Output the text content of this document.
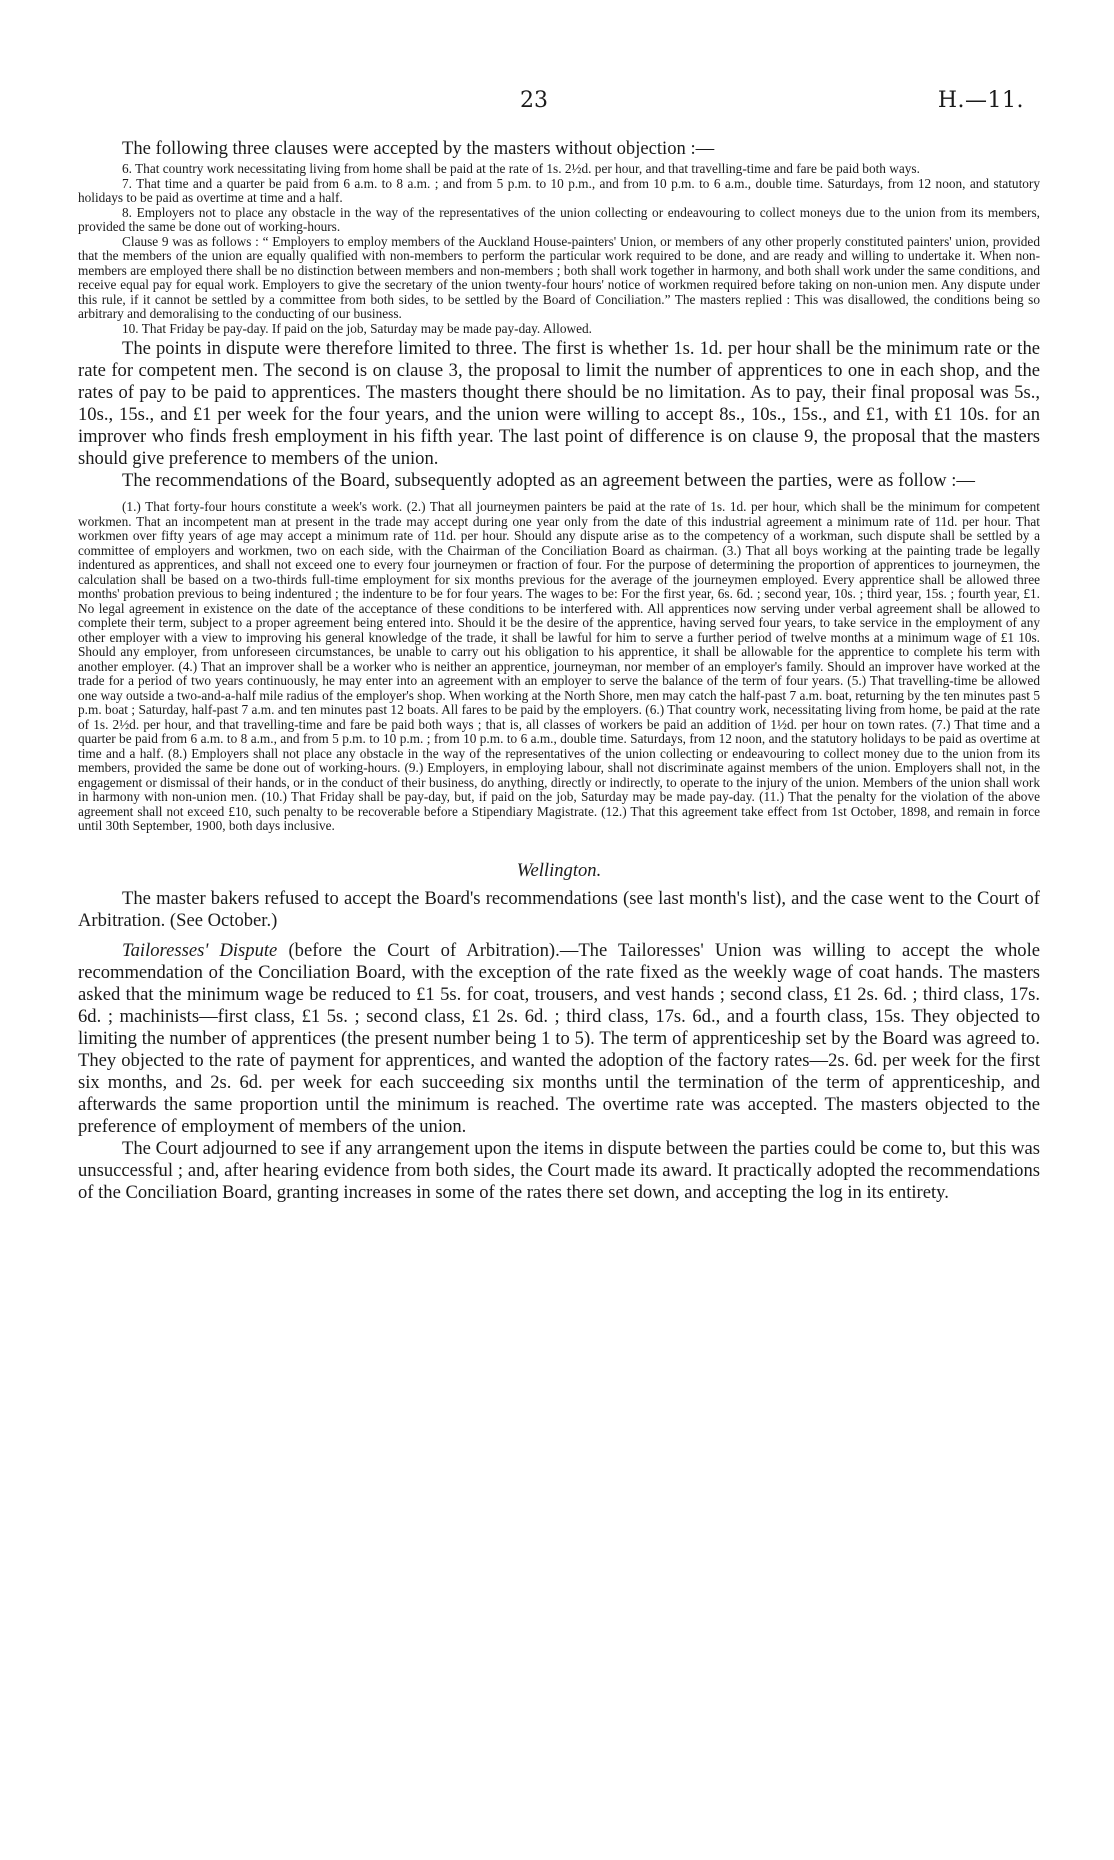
23	H.—11.

The following three clauses were accepted by the masters without objection :—

6. That country work necessitating living from home shall be paid at the rate of 1s. 2½d. per hour, and that travelling-time and fare be paid both ways.

7. That time and a quarter be paid from 6 a.m. to 8 a.m. ; and from 5 p.m. to 10 p.m., and from 10 p.m. to 6 a.m., double time. Saturdays, from 12 noon, and statutory holidays to be paid as overtime at time and a half.

8. Employers not to place any obstacle in the way of the representatives of the union collecting or endeavouring to collect moneys due to the union from its members, provided the same be done out of working-hours.

Clause 9 was as follows : “ Employers to employ members of the Auckland House-painters' Union, or members of any other properly constituted painters' union, provided that the members of the union are equally qualified with non-members to perform the particular work required to be done, and are ready and willing to undertake it. When non-members are employed there shall be no distinction between members and non-members ; both shall work together in harmony, and both shall work under the same conditions, and receive equal pay for equal work. Employers to give the secretary of the union twenty-four hours' notice of workmen required before taking on non-union men. Any dispute under this rule, if it cannot be settled by a committee from both sides, to be settled by the Board of Conciliation.” The masters replied : This was disallowed, the conditions being so arbitrary and demoralising to the conducting of our business.

10. That Friday be pay-day. If paid on the job, Saturday may be made pay-day. Allowed.

The points in dispute were therefore limited to three. The first is whether 1s. 1d. per hour shall be the minimum rate or the rate for competent men. The second is on clause 3, the proposal to limit the number of apprentices to one in each shop, and the rates of pay to be paid to apprentices. The masters thought there should be no limitation. As to pay, their final proposal was 5s., 10s., 15s., and £1 per week for the four years, and the union were willing to accept 8s., 10s., 15s., and £1, with £1 10s. for an improver who finds fresh employment in his fifth year. The last point of difference is on clause 9, the proposal that the masters should give preference to members of the union.

The recommendations of the Board, subsequently adopted as an agreement between the parties, were as follow :—

(1.) That forty-four hours constitute a week's work. (2.) That all journeymen painters be paid at the rate of 1s. 1d. per hour, which shall be the minimum for competent workmen. That an incompetent man at present in the trade may accept during one year only from the date of this industrial agreement a minimum rate of 11d. per hour. That workmen over fifty years of age may accept a minimum rate of 11d. per hour. Should any dispute arise as to the competency of a workman, such dispute shall be settled by a committee of employers and workmen, two on each side, with the Chairman of the Conciliation Board as chairman. (3.) That all boys working at the painting trade be legally indentured as apprentices, and shall not exceed one to every four journeymen or fraction of four. For the purpose of determining the proportion of apprentices to journeymen, the calculation shall be based on a two-thirds full-time employment for six months previous for the average of the journeymen employed. Every apprentice shall be allowed three months' probation previous to being indentured ; the indenture to be for four years. The wages to be: For the first year, 6s. 6d. ; second year, 10s. ; third year, 15s. ; fourth year, £1. No legal agreement in existence on the date of the acceptance of these conditions to be interfered with. All apprentices now serving under verbal agreement shall be allowed to complete their term, subject to a proper agreement being entered into. Should it be the desire of the apprentice, having served four years, to take service in the employment of any other employer with a view to improving his general knowledge of the trade, it shall be lawful for him to serve a further period of twelve months at a minimum wage of £1 10s. Should any employer, from unforeseen circumstances, be unable to carry out his obligation to his apprentice, it shall be allowable for the apprentice to complete his term with another employer. (4.) That an improver shall be a worker who is neither an apprentice, journeyman, nor member of an employer's family. Should an improver have worked at the trade for a period of two years continuously, he may enter into an agreement with an employer to serve the balance of the term of four years. (5.) That travelling-time be allowed one way outside a two-and-a-half mile radius of the employer's shop. When working at the North Shore, men may catch the half-past 7 a.m. boat, returning by the ten minutes past 5 p.m. boat ; Saturday, half-past 7 a.m. and ten minutes past 12 boats. All fares to be paid by the employers. (6.) That country work, necessitating living from home, be paid at the rate of 1s. 2½d. per hour, and that travelling-time and fare be paid both ways ; that is, all classes of workers be paid an addition of 1½d. per hour on town rates. (7.) That time and a quarter be paid from 6 a.m. to 8 a.m., and from 5 p.m. to 10 p.m. ; from 10 p.m. to 6 a.m., double time. Saturdays, from 12 noon, and the statutory holidays to be paid as overtime at time and a half. (8.) Employers shall not place any obstacle in the way of the representatives of the union collecting or endeavouring to collect money due to the union from its members, provided the same be done out of working-hours. (9.) Employers, in employing labour, shall not discriminate against members of the union. Employers shall not, in the engagement or dismissal of their hands, or in the conduct of their business, do anything, directly or indirectly, to operate to the injury of the union. Members of the union shall work in harmony with non-union men. (10.) That Friday shall be pay-day, but, if paid on the job, Saturday may be made pay-day. (11.) That the penalty for the violation of the above agreement shall not exceed £10, such penalty to be recoverable before a Stipendiary Magistrate. (12.) That this agreement take effect from 1st October, 1898, and remain in force until 30th September, 1900, both days inclusive.

Wellington.

The master bakers refused to accept the Board's recommendations (see last month's list), and the case went to the Court of Arbitration. (See October.)

Tailoresses' Dispute (before the Court of Arbitration).—The Tailoresses' Union was willing to accept the whole recommendation of the Conciliation Board, with the exception of the rate fixed as the weekly wage of coat hands. The masters asked that the minimum wage be reduced to £1 5s. for coat, trousers, and vest hands ; second class, £1 2s. 6d. ; third class, 17s. 6d. ; machinists—first class, £1 5s. ; second class, £1 2s. 6d. ; third class, 17s. 6d., and a fourth class, 15s. They objected to limiting the number of apprentices (the present number being 1 to 5). The term of apprenticeship set by the Board was agreed to. They objected to the rate of payment for apprentices, and wanted the adoption of the factory rates—2s. 6d. per week for the first six months, and 2s. 6d. per week for each succeeding six months until the termination of the term of apprenticeship, and afterwards the same proportion until the minimum is reached. The overtime rate was accepted. The masters objected to the preference of employment of members of the union.

The Court adjourned to see if any arrangement upon the items in dispute between the parties could be come to, but this was unsuccessful ; and, after hearing evidence from both sides, the Court made its award. It practically adopted the recommendations of the Conciliation Board, granting increases in some of the rates there set down, and accepting the log in its entirety.
